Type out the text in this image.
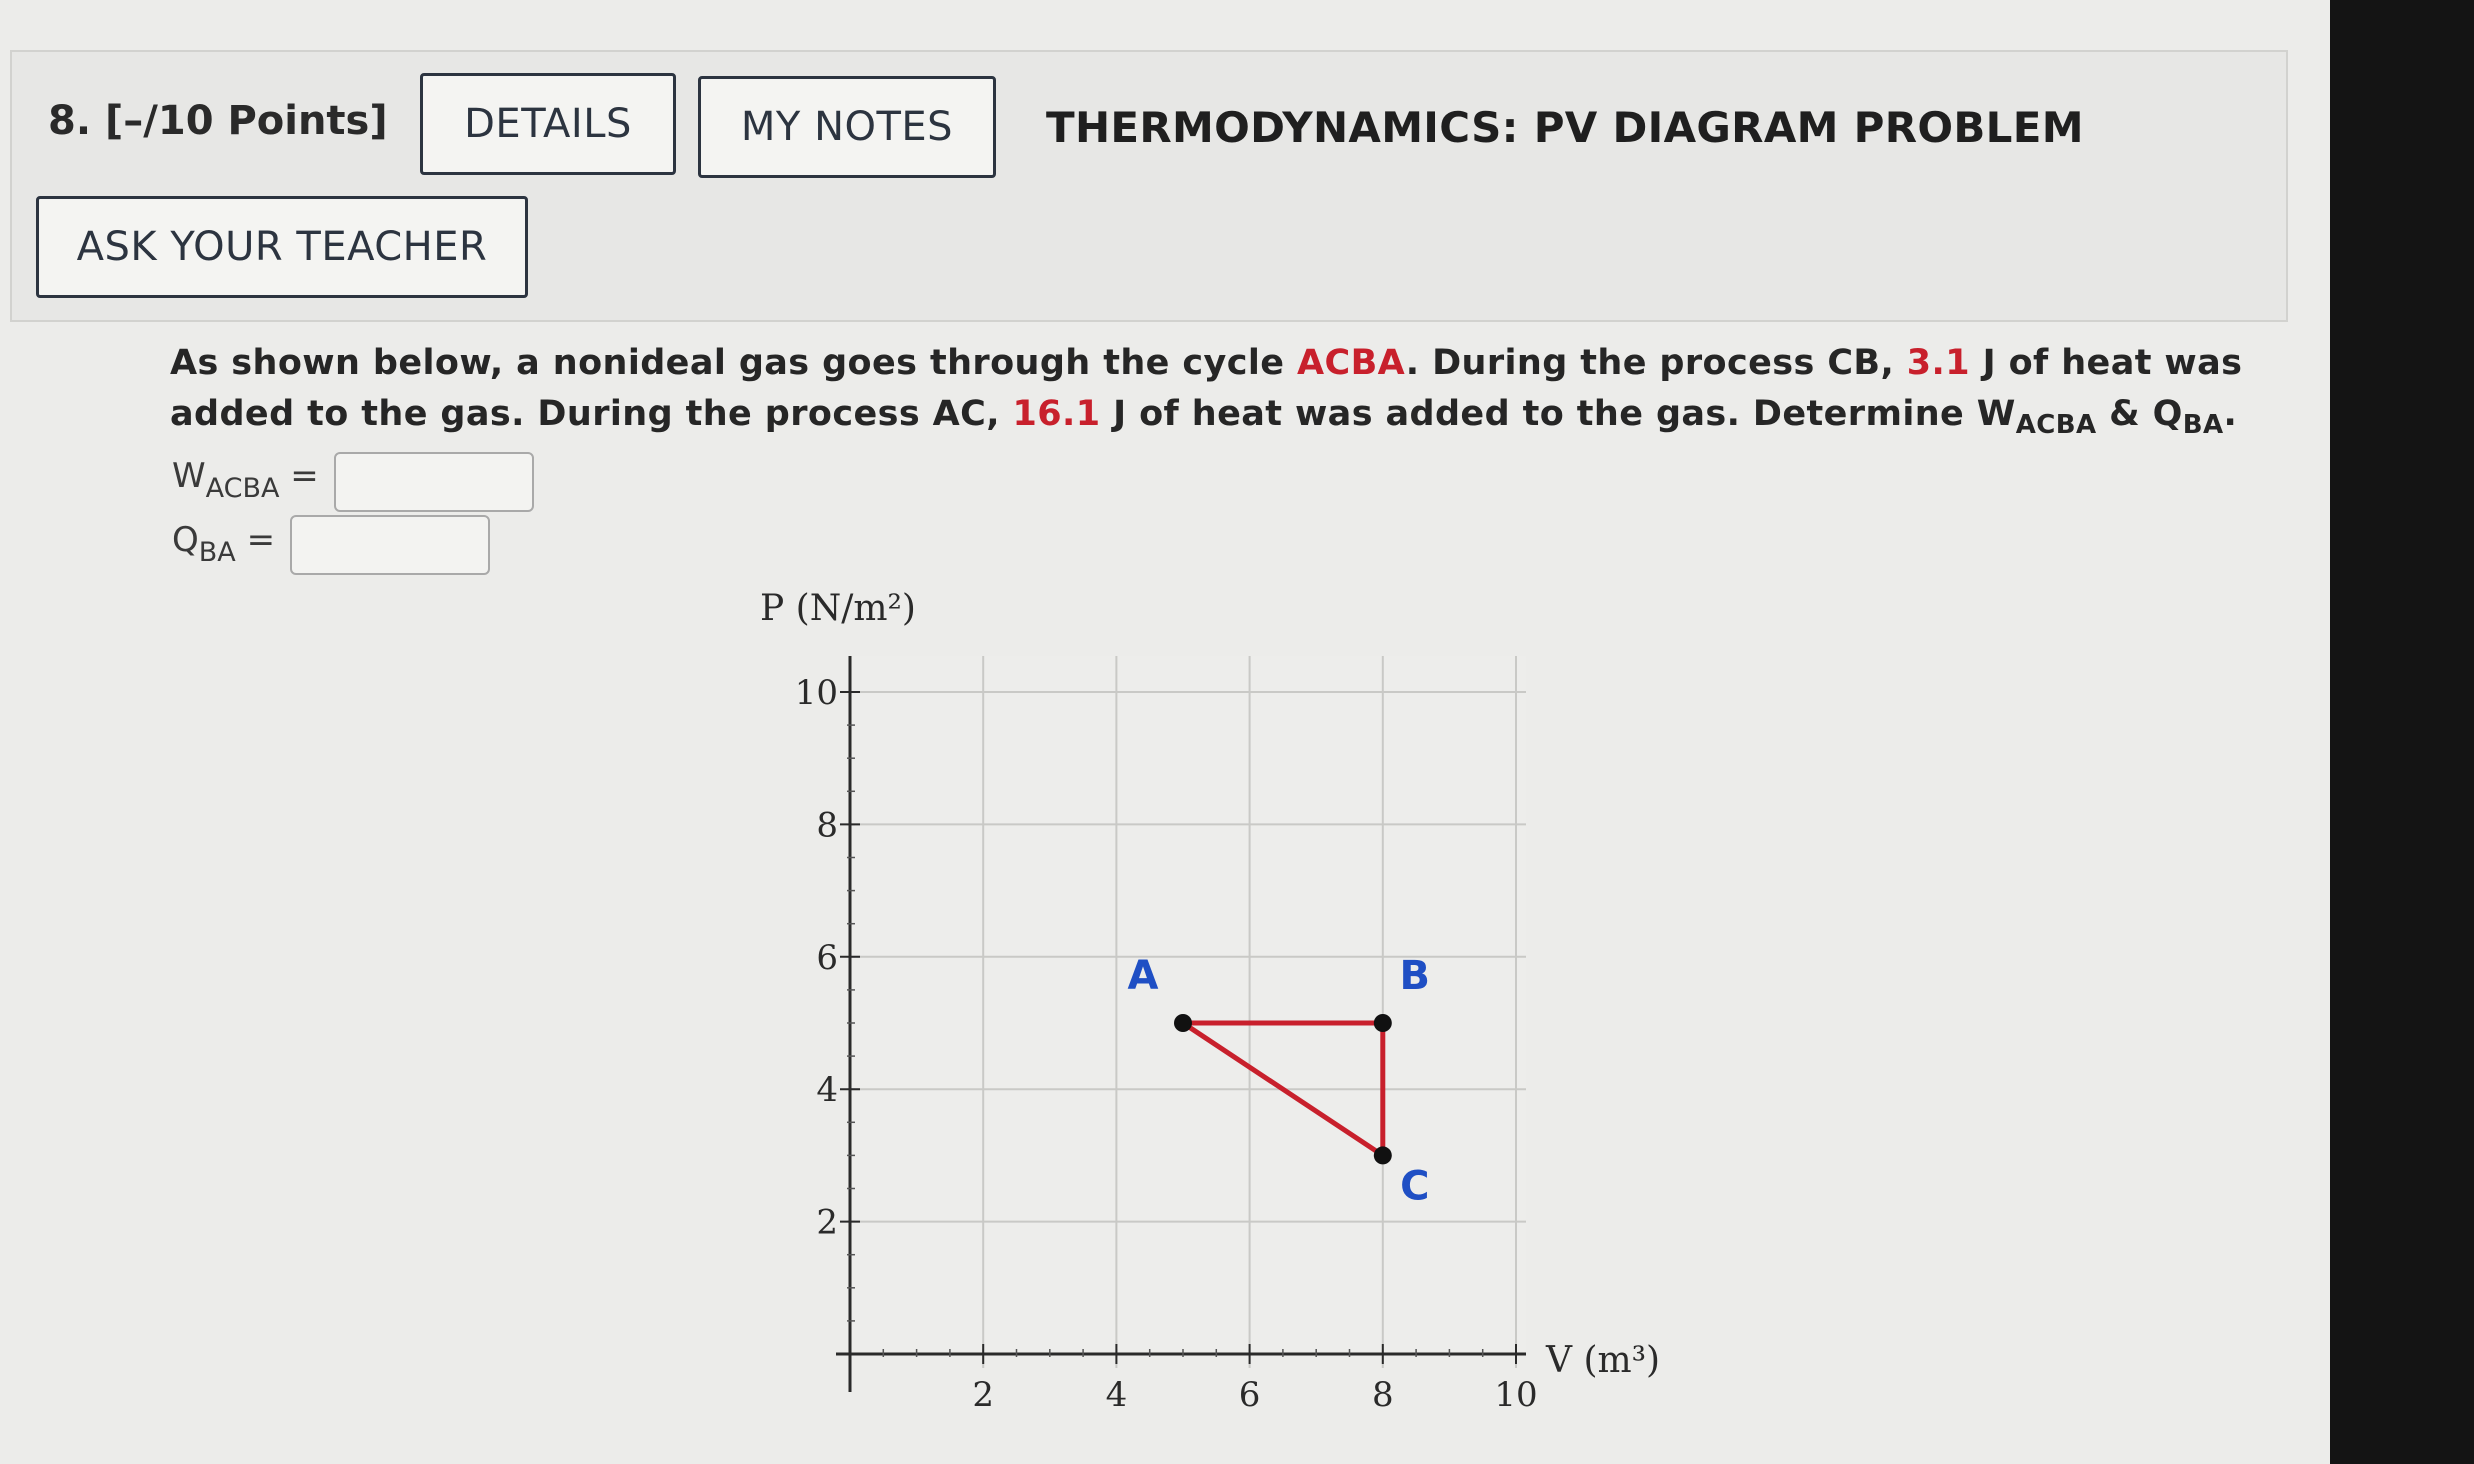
8. [–/10 Points]	DETAILS	MY NOTES	THERMODYNAMICS: PV DIAGRAM PROBLEM
ASK YOUR TEACHER
As shown below, a nonideal gas goes through the cycle ACBA. During the process CB, 3.1 J of heat was added to the gas. During the process AC, 16.1 J of heat was added to the gas. Determine $W_{ACBA}$ & $Q_{BA}$.
$W_{ACBA}$ =
$Q_{BA}$ =
2	4	6	8	10
2
4
6
8
10
P (N/m²)
V (m³)
A	B
C
